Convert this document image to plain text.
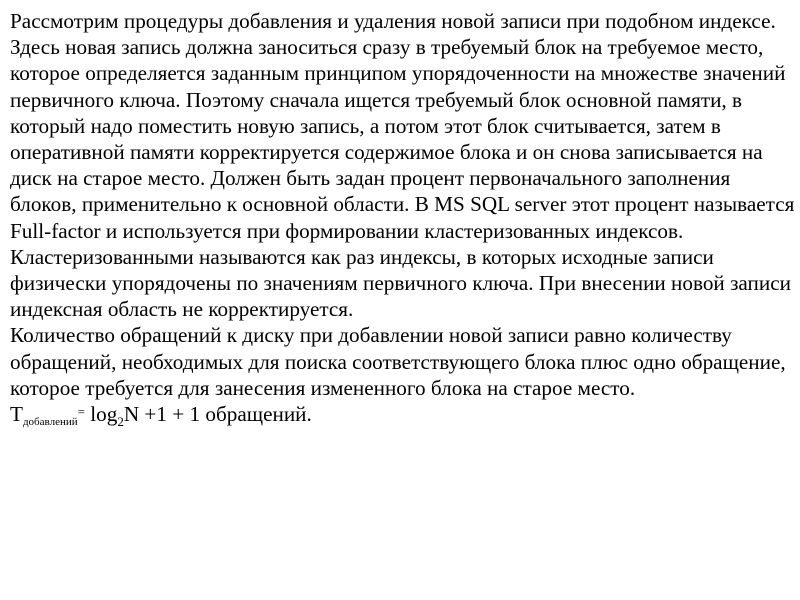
Рассмотрим процедуры добавления и удаления новой записи при подобном индексе.

Здесь новая запись должна заноситься сразу в требуемый блок на требуемое место, которое определяется заданным принципом упорядоченности на множестве значений первичного ключа. Поэтому сначала ищется требуемый блок основной памяти, в который надо поместить новую запись, а потом этот блок считывается, затем в оперативной памяти корректируется содержимое блока и он снова записывается на диск на старое место. Должен быть задан процент первоначального заполнения блоков, применительно к основной области. В MS SQL server этот процент называется Full-factor и используется при формировании кластеризованных индексов. Кластеризованными называются как раз индексы, в которых исходные записи физически упорядочены по значениям первичного ключа. При внесении новой записи индексная область не корректируется.

Количество обращений к диску при добавлении новой записи равно количеству обращений, необходимых для поиска соответствующего блока плюс одно обращение, которое требуется для занесения измененного блока на старое место.

Tдобавлений= $\log_2N +1 + 1$ обращений.
